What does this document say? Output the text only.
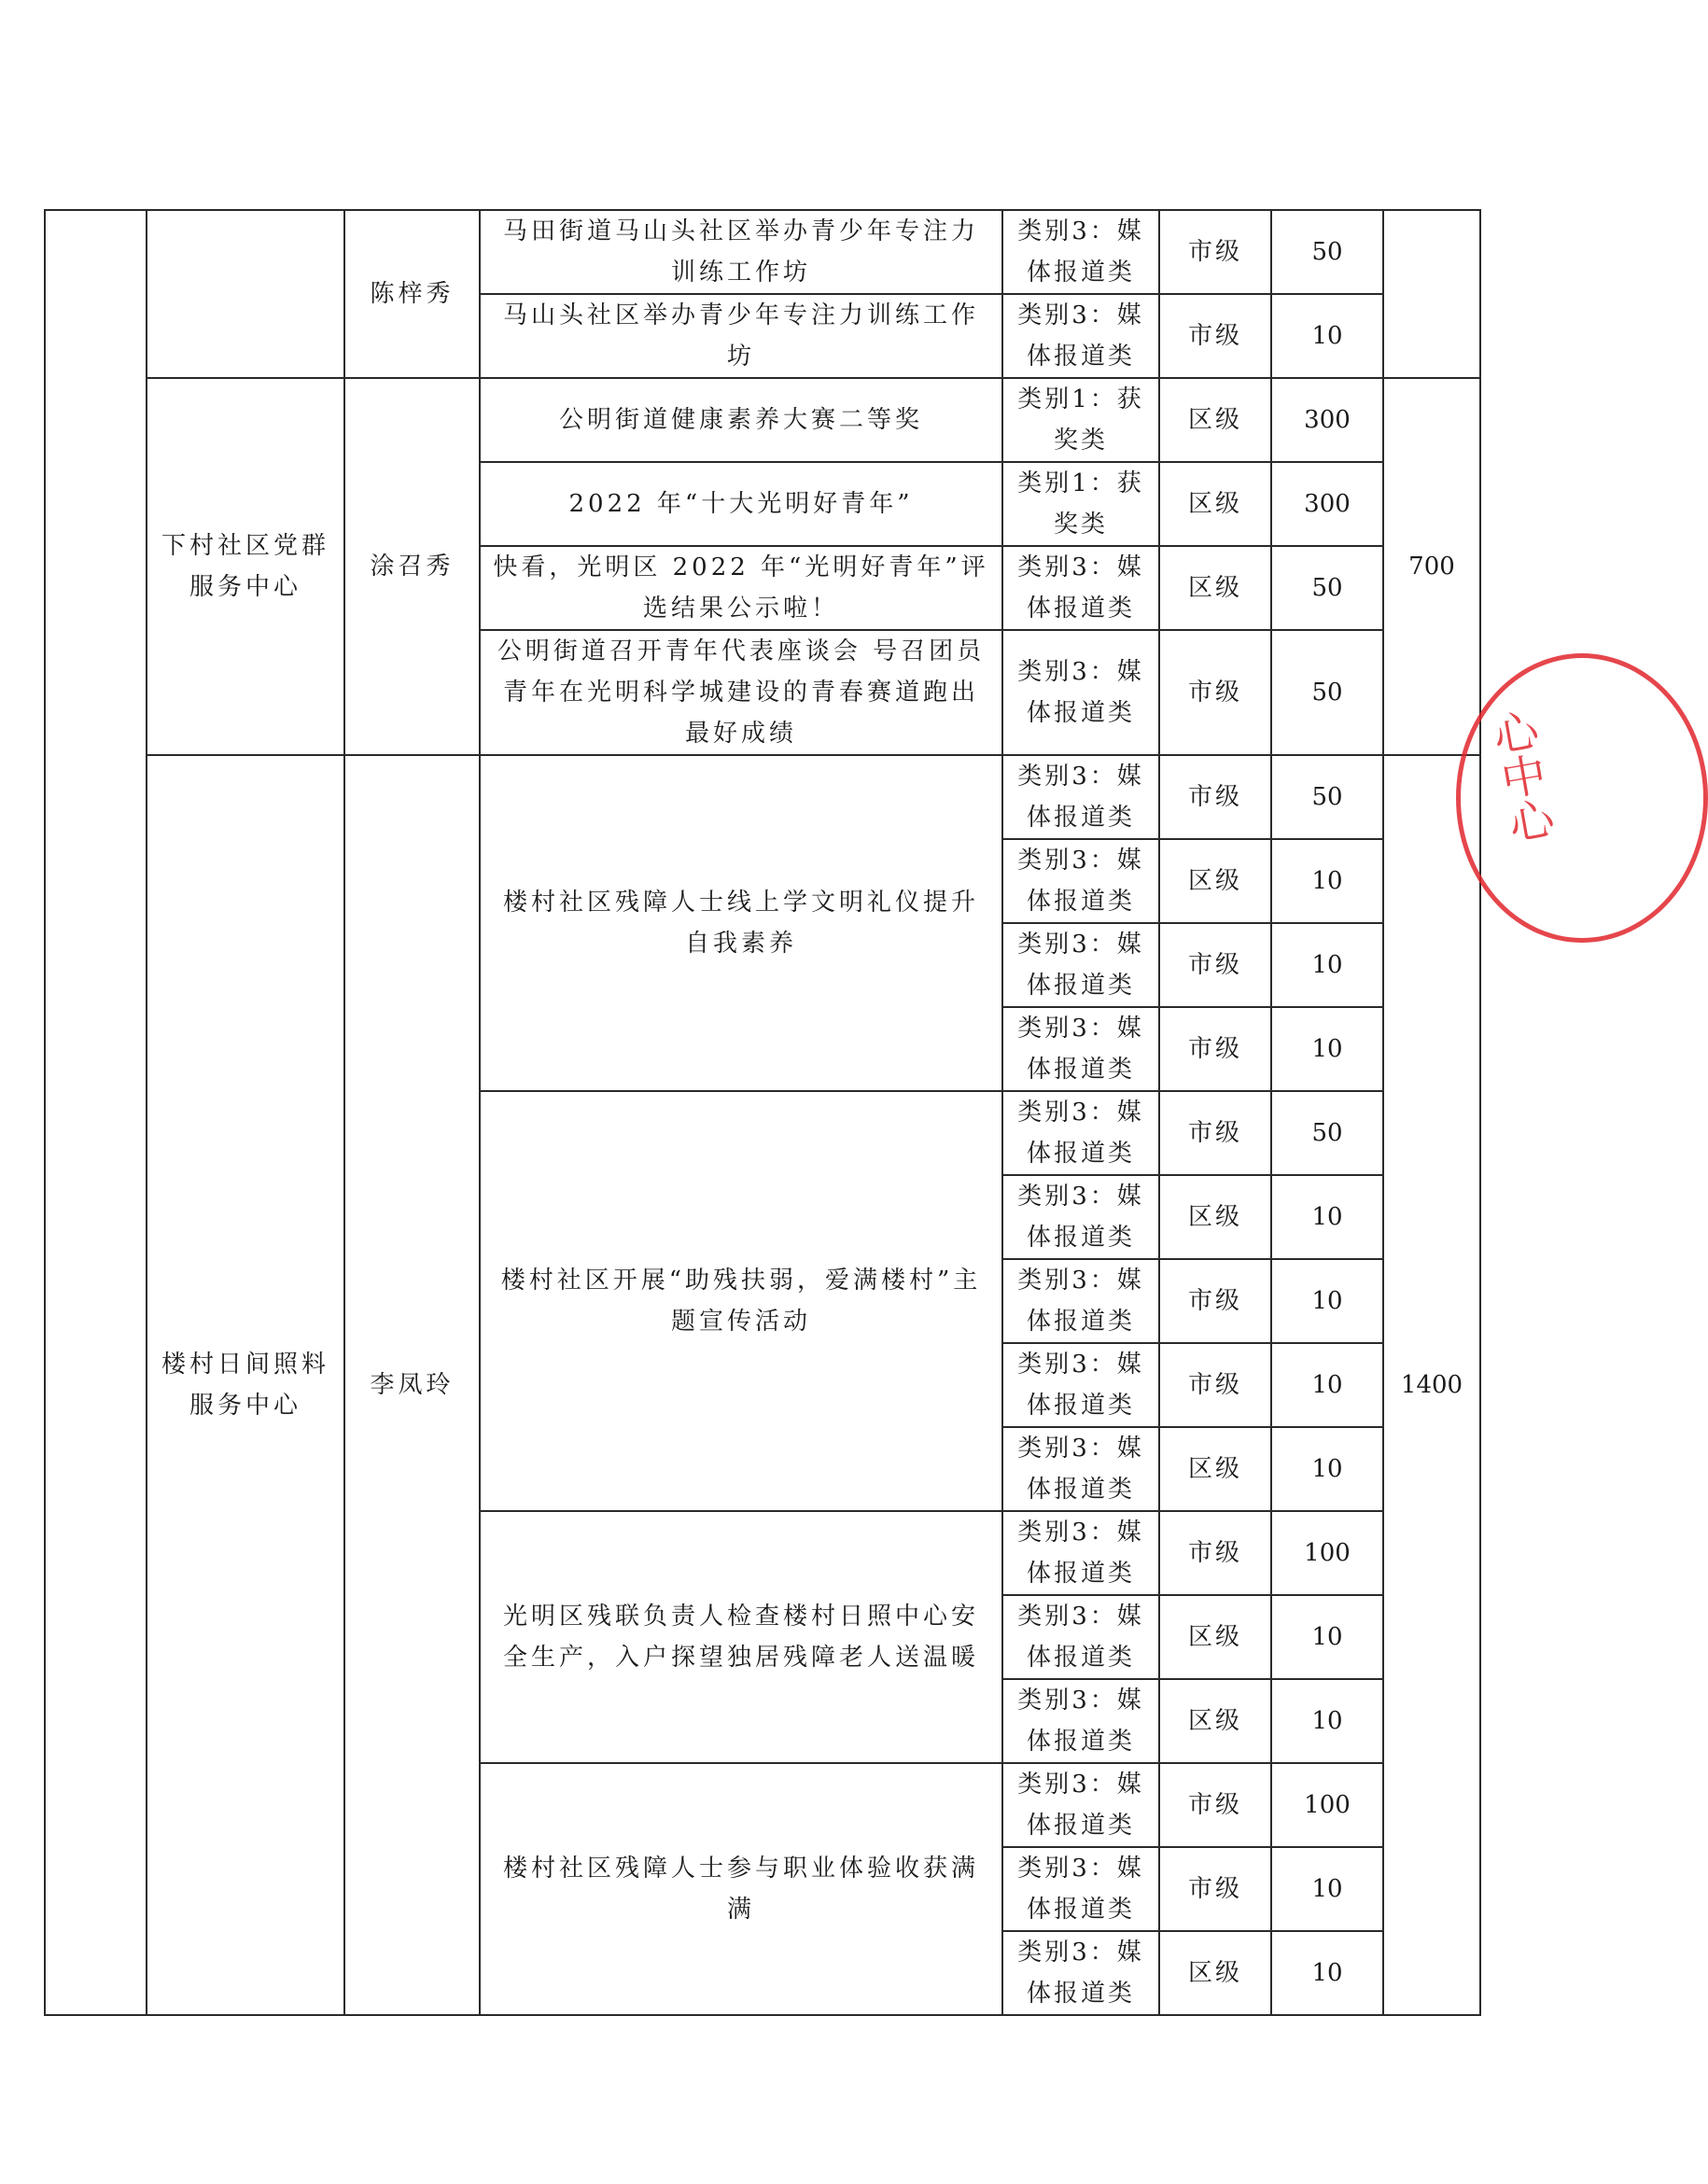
		陈梓秀	马田街道马山头社区举办青少年专注力训练工作坊	类别3：媒体报道类	市级	50	
			马山头社区举办青少年专注力训练工作坊	类别3：媒体报道类	市级	10	
	下村社区党群服务中心	涂召秀	公明街道健康素养大赛二等奖	类别1：获奖类	区级	300	700
			2022 年“十大光明好青年”	类别1：获奖类	区级	300	
			快看，光明区 2022 年“光明好青年”评选结果公示啦！	类别3：媒体报道类	区级	50	
			公明街道召开青年代表座谈会 号召团员青年在光明科学城建设的青春赛道跑出最好成绩	类别3：媒体报道类	市级	50	
	楼村日间照料服务中心	李凤玲	楼村社区残障人士线上学文明礼仪提升自我素养	类别3：媒体报道类	市级	50	1400
				类别3：媒体报道类	区级	10	
				类别3：媒体报道类	市级	10	
				类别3：媒体报道类	市级	10	
			楼村社区开展“助残扶弱，爱满楼村”主题宣传活动	类别3：媒体报道类	市级	50	
				类别3：媒体报道类	区级	10	
				类别3：媒体报道类	市级	10	
				类别3：媒体报道类	市级	10	
				类别3：媒体报道类	区级	10	
			光明区残联负责人检查楼村日照中心安全生产，入户探望独居残障老人送温暖	类别3：媒体报道类	市级	100	
				类别3：媒体报道类	区级	10	
				类别3：媒体报道类	区级	10	
			楼村社区残障人士参与职业体验收获满满	类别3：媒体报道类	市级	100	
				类别3：媒体报道类	市级	10	
				类别3：媒体报道类	区级	10	
心中心
